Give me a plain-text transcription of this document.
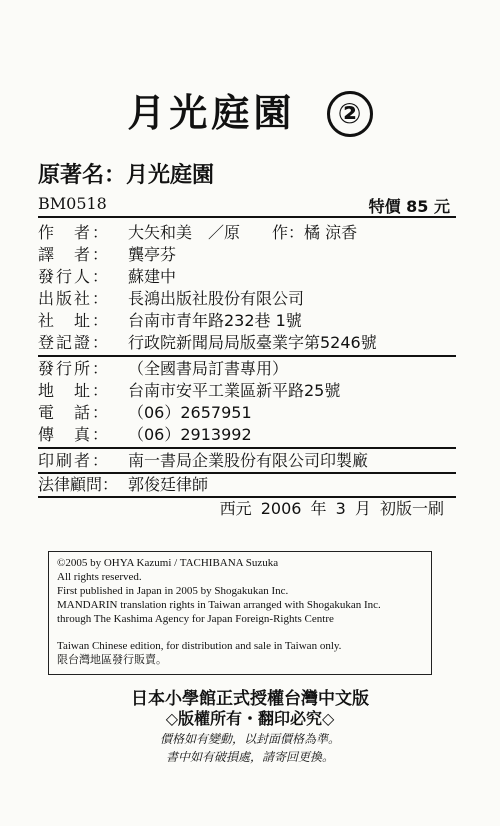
月光庭園 ②
原著名：月光庭園
BM0518	特價 85 元
作　者：	大矢和美　／原　　作：橘 涼香
譯　者：	龔亭芬
發行人：	蘇建中
出版社：	長鴻出版社股份有限公司
社　址：	台南市青年路232巷 1號
登記證：	行政院新聞局局版臺業字第5246號
發行所：	（全國書局訂書專用）
地　址：	台南市安平工業區新平路25號
電　話：	（06）2657951
傳　真：	（06）2913992
印刷者：	南一書局企業股份有限公司印製廠
法律顧問： 郭俊廷律師
西元 2006 年 3 月 初版一刷
©2005 by OHYA Kazumi / TACHIBANA Suzuka
All rights reserved.
First published in Japan in 2005 by Shogakukan Inc.
MANDARIN translation rights in Taiwan arranged with Shogakukan Inc.
through The Kashima Agency for Japan Foreign-Rights Centre
Taiwan Chinese edition, for distribution and sale in Taiwan only.
限台灣地區發行販賣。
日本小學館正式授權台灣中文版
◇版權所有・翻印必究◇
價格如有變動，以封面價格為準。
書中如有破損處，請寄回更換。
